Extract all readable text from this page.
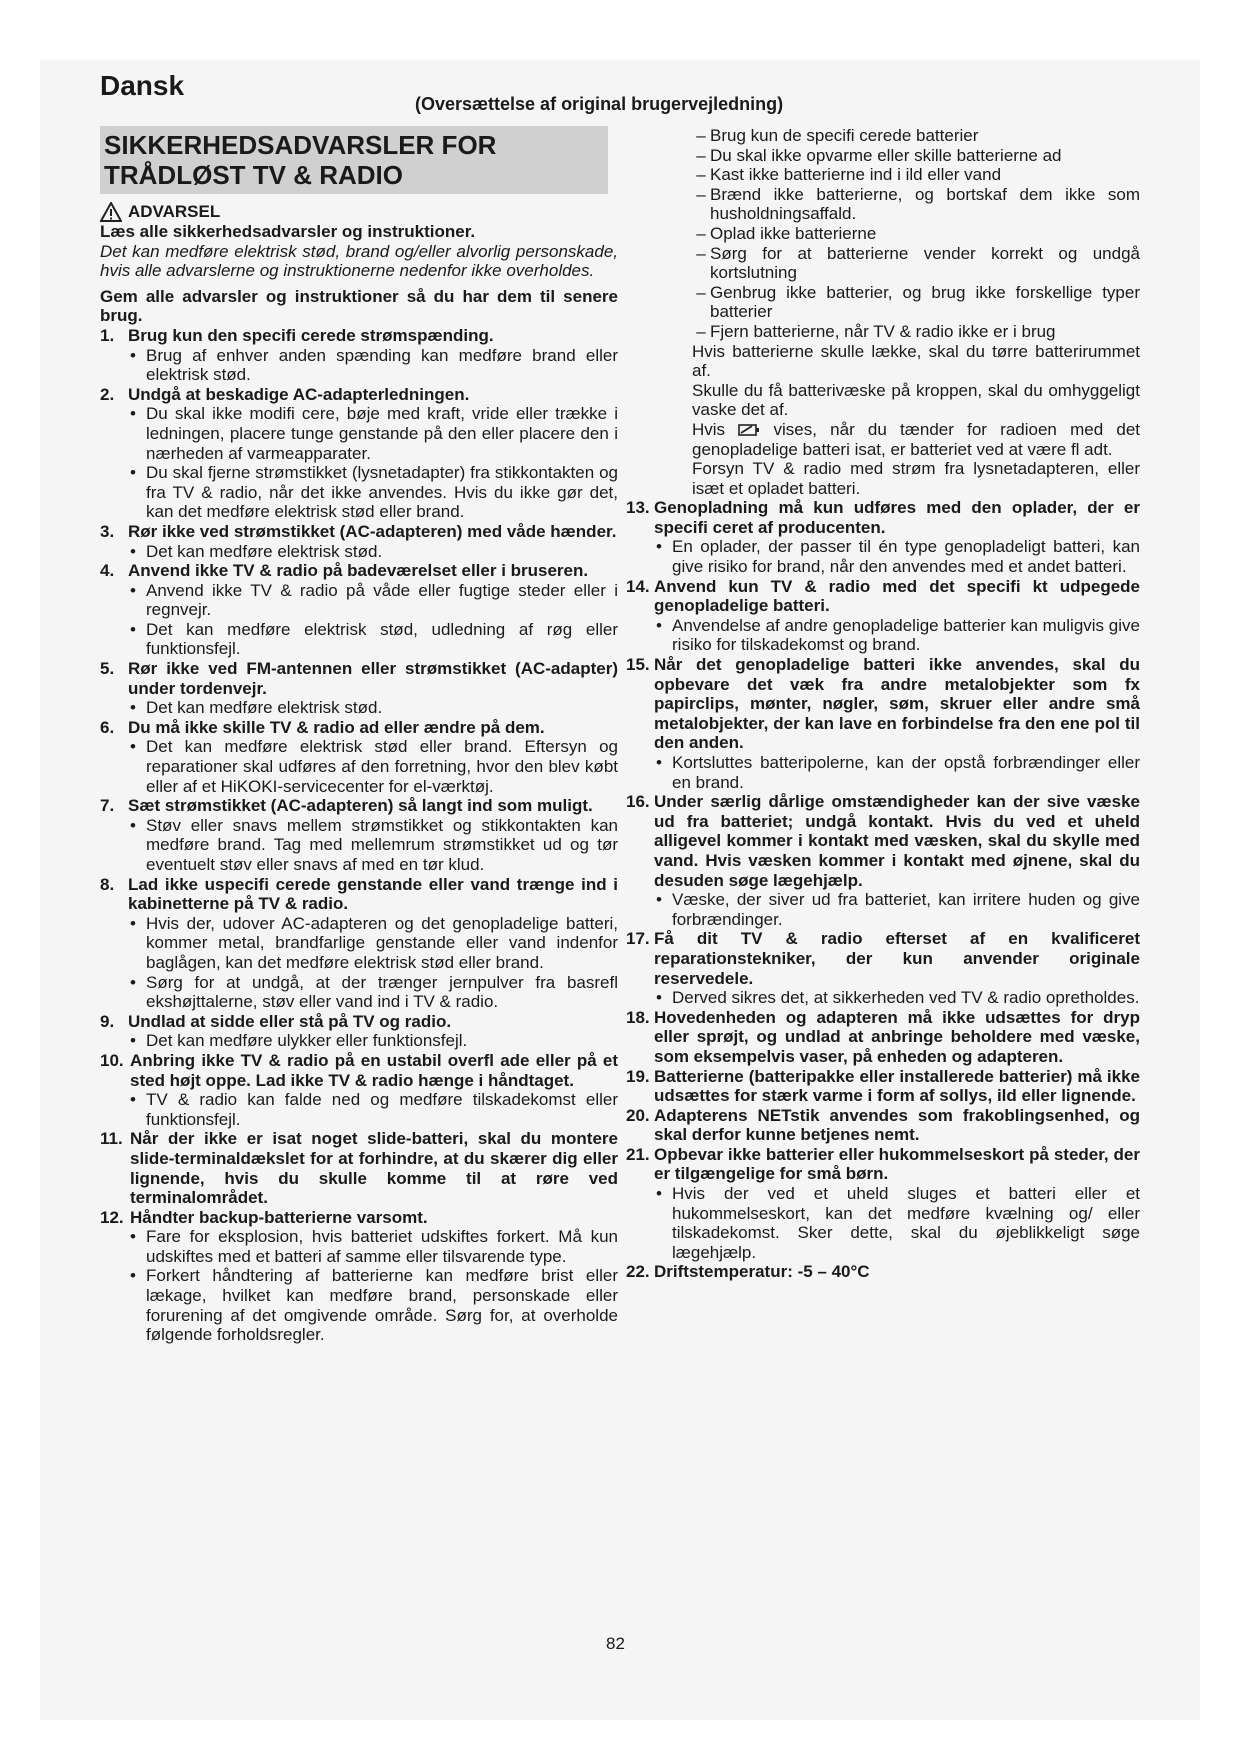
Dansk
(Oversættelse af original brugervejledning)
SIKKERHEDSADVARSLER FOR
TRÅDLØST TV & RADIO
ADVARSEL
Læs alle sikkerhedsadvarsler og instruktioner.
Det kan medføre elektrisk stød, brand og/eller alvorlig personskade, hvis alle advarslerne og instruktionerne nedenfor ikke overholdes.
Gem alle advarsler og instruktioner så du har dem til senere brug.
1. Brug kun den specifi cerede strømspænding.
• Brug af enhver anden spænding kan medføre brand eller elektrisk stød.
2. Undgå at beskadige AC-adapterledningen.
• Du skal ikke modifi cere, bøje med kraft, vride eller trække i ledningen, placere tunge genstande på den eller placere den i nærheden af varmeapparater.
• Du skal fjerne strømstikket (lysnetadapter) fra stikkontakten og fra TV & radio, når det ikke anvendes. Hvis du ikke gør det, kan det medføre elektrisk stød eller brand.
3. Rør ikke ved strømstikket (AC-adapteren) med våde hænder.
• Det kan medføre elektrisk stød.
4. Anvend ikke TV & radio på badeværelset eller i bruseren.
• Anvend ikke TV & radio på våde eller fugtige steder eller i regnvejr.
• Det kan medføre elektrisk stød, udledning af røg eller funktionsfejl.
5. Rør ikke ved FM-antennen eller strømstikket (AC-adapter) under tordenvejr.
• Det kan medføre elektrisk stød.
6. Du må ikke skille TV & radio ad eller ændre på dem.
• Det kan medføre elektrisk stød eller brand. Eftersyn og reparationer skal udføres af den forretning, hvor den blev købt eller af et HiKOKI-servicecenter for el-værktøj.
7. Sæt strømstikket (AC-adapteren) så langt ind som muligt.
• Støv eller snavs mellem strømstikket og stikkontakten kan medføre brand. Tag med mellemrum strømstikket ud og tør eventuelt støv eller snavs af med en tør klud.
8. Lad ikke uspecifi cerede genstande eller vand trænge ind i kabinetterne på TV & radio.
• Hvis der, udover AC-adapteren og det genopladelige batteri, kommer metal, brandfarlige genstande eller vand indenfor baglågen, kan det medføre elektrisk stød eller brand.
• Sørg for at undgå, at der trænger jernpulver fra basrefl ekshøjttalerne, støv eller vand ind i TV & radio.
9. Undlad at sidde eller stå på TV og radio.
• Det kan medføre ulykker eller funktionsfejl.
10. Anbring ikke TV & radio på en ustabil overfl ade eller på et sted højt oppe. Lad ikke TV & radio hænge i håndtaget.
• TV & radio kan falde ned og medføre tilskadekomst eller funktionsfejl.
11. Når der ikke er isat noget slide-batteri, skal du montere slide-terminaldækslet for at forhindre, at du skærer dig eller lignende, hvis du skulle komme til at røre ved terminalområdet.
12. Håndter backup-batterierne varsomt.
• Fare for eksplosion, hvis batteriet udskiftes forkert. Må kun udskiftes med et batteri af samme eller tilsvarende type.
• Forkert håndtering af batterierne kan medføre brist eller lækage, hvilket kan medføre brand, personskade eller forurening af det omgivende område. Sørg for, at overholde følgende forholdsregler.
– Brug kun de specifi cerede batterier
– Du skal ikke opvarme eller skille batterierne ad
– Kast ikke batterierne ind i ild eller vand
– Brænd ikke batterierne, og bortskaf dem ikke som husholdningsaffald.
– Oplad ikke batterierne
– Sørg for at batterierne vender korrekt og undgå kortslutning
– Genbrug ikke batterier, og brug ikke forskellige typer batterier
– Fjern batterierne, når TV & radio ikke er i brug
Hvis batterierne skulle lække, skal du tørre batterirummet af.
Skulle du få batterivæske på kroppen, skal du omhyggeligt vaske det af.
Hvis	vises, når du tænder for radioen med det genopladelige batteri isat, er batteriet ved at være fl adt.
Forsyn TV & radio med strøm fra lysnetadapteren, eller isæt et opladet batteri.
13. Genopladning må kun udføres med den oplader, der er specifi ceret af producenten.
• En oplader, der passer til én type genopladeligt batteri, kan give risiko for brand, når den anvendes med et andet batteri.
14. Anvend kun TV & radio med det specifi kt udpegede genopladelige batteri.
• Anvendelse af andre genopladelige batterier kan muligvis give risiko for tilskadekomst og brand.
15. Når det genopladelige batteri ikke anvendes, skal du opbevare det væk fra andre metalobjekter som fx papirclips, mønter, nøgler, søm, skruer eller andre små metalobjekter, der kan lave en forbindelse fra den ene pol til den anden.
• Kortsluttes batteripolerne, kan der opstå forbrændinger eller en brand.
16. Under særlig dårlige omstændigheder kan der sive væske ud fra batteriet; undgå kontakt. Hvis du ved et uheld alligevel kommer i kontakt med væsken, skal du skylle med vand. Hvis væsken kommer i kontakt med øjnene, skal du desuden søge lægehjælp.
• Væske, der siver ud fra batteriet, kan irritere huden og give forbrændinger.
17. Få dit TV & radio efterset af en kvalificeret reparationstekniker, der kun anvender originale reservedele.
• Derved sikres det, at sikkerheden ved TV & radio opretholdes.
18. Hovedenheden og adapteren må ikke udsættes for dryp eller sprøjt, og undlad at anbringe beholdere med væske, som eksempelvis vaser, på enheden og adapteren.
19. Batterierne (batteripakke eller installerede batterier) må ikke udsættes for stærk varme i form af sollys, ild eller lignende.
20. Adapterens NETstik anvendes som frakoblingsenhed, og skal derfor kunne betjenes nemt.
21. Opbevar ikke batterier eller hukommelseskort på steder, der er tilgængelige for små børn.
• Hvis der ved et uheld sluges et batteri eller et hukommelseskort, kan det medføre kvælning og/ eller tilskadekomst. Sker dette, skal du øjeblikkeligt søge lægehjælp.
22. Driftstemperatur: -5 – 40°C
82
